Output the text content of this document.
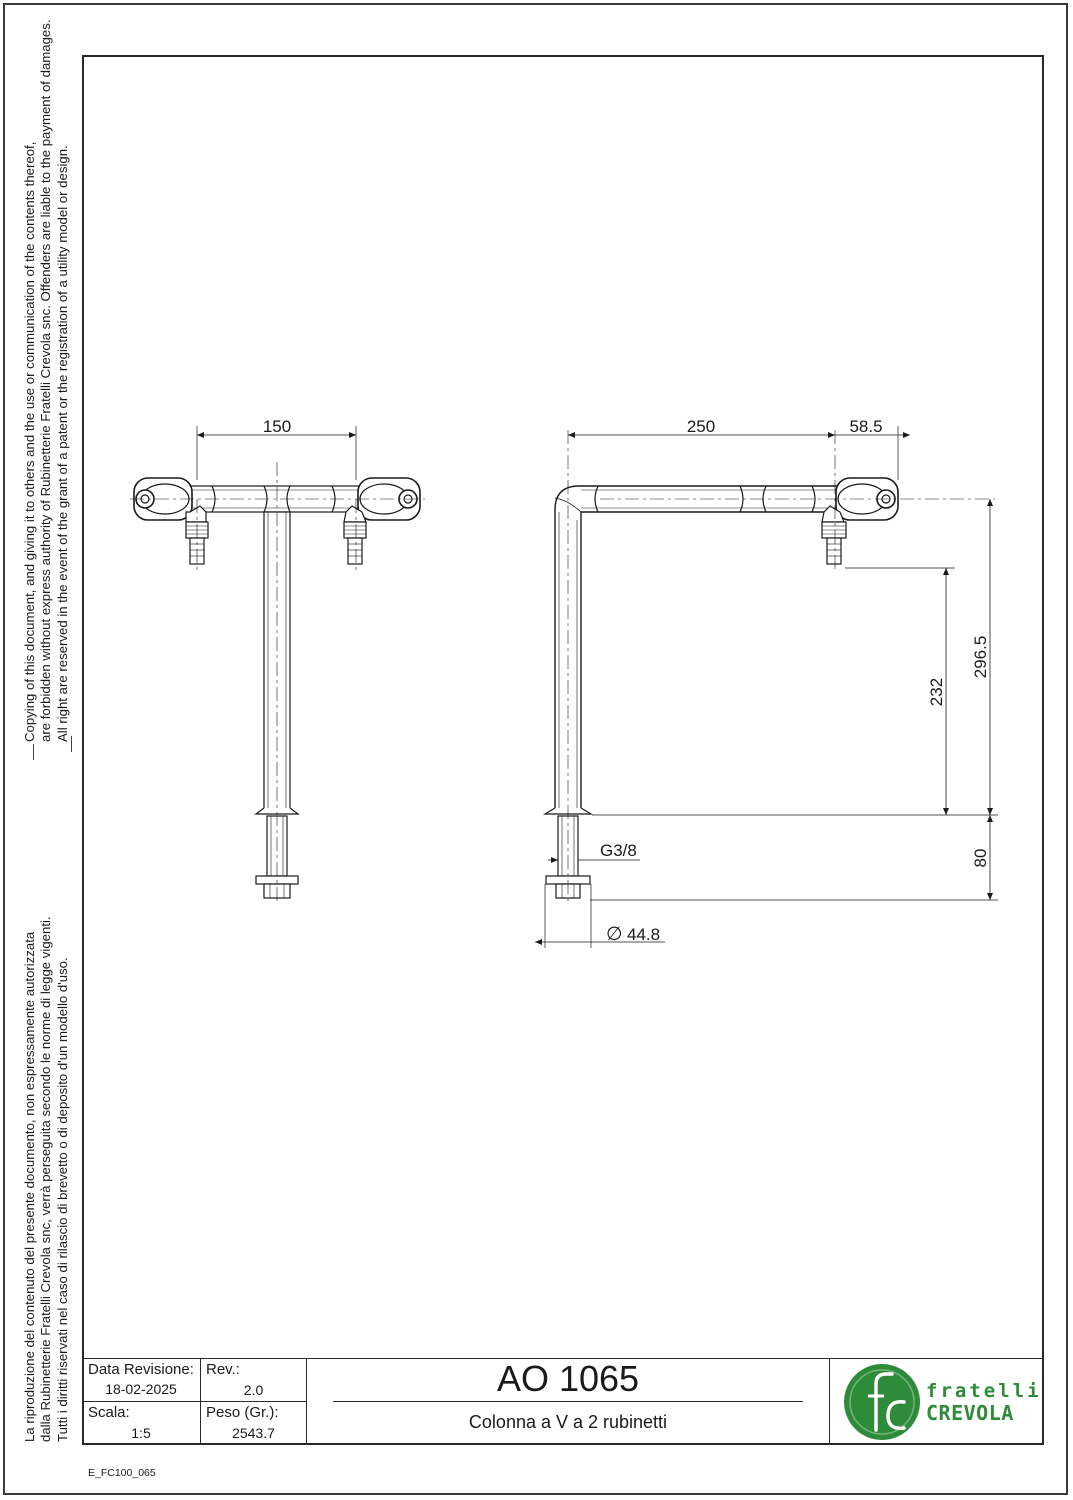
Copying of this document, and giving it to others and the use or communication of the contents thereof, are forbidden without express authority of Rubinetterie Fratelli Crevola snc. Offenders are liable to the payment of damages. All right are reserved in the event of the grant of a patent or the registration of a utility model or design.
La riproduzione del contenuto del presente documento, non espressamente autorizzata dalla Rubinetterie Fratelli Crevola snc, verrà perseguita secondo le norme di legge vigenti. Tutti i diritti riservati nel caso di rilascio di brevetto o di deposito d'un modello d'uso.
150	250	58.5
232
296.5
80
G3/8
∅ 44.8
Data Revisione:
18-02-2025
Rev.:
2.0
Scala:
1:5
Peso (Gr.):
2543.7
AO 1065
Colonna a V a 2 rubinetti
fratelli
CREVOLA
E_FC100_065
